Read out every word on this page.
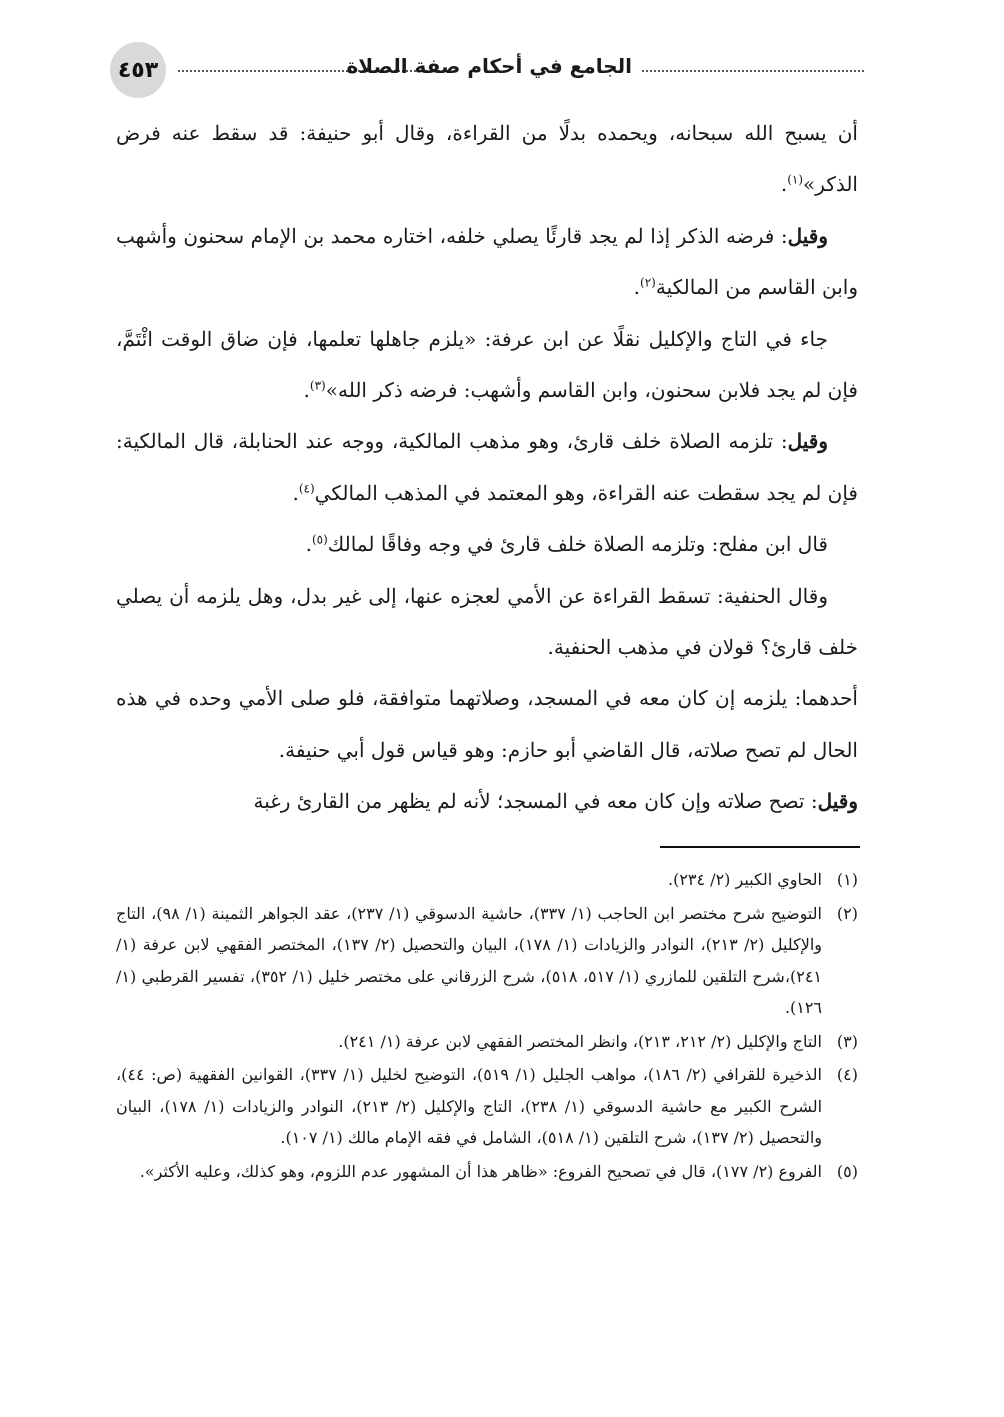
٤٥٣	الجامع في أحكام صفة الصلاة

أن يسبح الله سبحانه، ويحمده بدلًا من القراءة، وقال أبو حنيفة: قد سقط عنه فرض الذكر»$^{(١)}$.

وقيل: فرضه الذكر إذا لم يجد قارئًا يصلي خلفه، اختاره محمد بن الإمام سحنون وأشهب وابن القاسم من المالكية$^{(٢)}$.

جاء في التاج والإكليل نقلًا عن ابن عرفة: «يلزم جاهلها تعلمها، فإن ضاق الوقت ائْتَمَّ، فإن لم يجد فلابن سحنون، وابن القاسم وأشهب: فرضه ذكر الله»$^{(٣)}$.

وقيل: تلزمه الصلاة خلف قارئ، وهو مذهب المالكية، ووجه عند الحنابلة، قال المالكية: فإن لم يجد سقطت عنه القراءة، وهو المعتمد في المذهب المالكي$^{(٤)}$.

قال ابن مفلح: وتلزمه الصلاة خلف قارئ في وجه وفاقًا لمالك$^{(٥)}$.

وقال الحنفية: تسقط القراءة عن الأمي لعجزه عنها، إلى غير بدل، وهل يلزمه أن يصلي خلف قارئ؟ قولان في مذهب الحنفية.

أحدهما: يلزمه إن كان معه في المسجد، وصلاتهما متوافقة، فلو صلى الأمي وحده في هذه الحال لم تصح صلاته، قال القاضي أبو حازم: وهو قياس قول أبي حنيفة.

وقيل: تصح صلاته وإن كان معه في المسجد؛ لأنه لم يظهر من القارئ رغبة

(١)
الحاوي الكبير (٢/ ٢٣٤).
(٢)
التوضيح شرح مختصر ابن الحاجب (١/ ٣٣٧)، حاشية الدسوقي (١/ ٢٣٧)، عقد الجواهر الثمينة (١/ ٩٨)، التاج والإكليل (٢/ ٢١٣)، النوادر والزيادات (١/ ١٧٨)، البيان والتحصيل (٢/ ١٣٧)، المختصر الفقهي لابن عرفة (١/ ٢٤١)،شرح التلقين للمازري (١/ ٥١٧، ٥١٨)، شرح الزرقاني على مختصر خليل (١/ ٣٥٢)، تفسير القرطبي (١/ ١٢٦).
(٣)
التاج والإكليل (٢/ ٢١٢، ٢١٣)، وانظر المختصر الفقهي لابن عرفة (١/ ٢٤١).
(٤)
الذخيرة للقرافي (٢/ ١٨٦)، مواهب الجليل (١/ ٥١٩)، التوضيح لخليل (١/ ٣٣٧)، القوانين الفقهية (ص: ٤٤)، الشرح الكبير مع حاشية الدسوقي (١/ ٢٣٨)، التاج والإكليل (٢/ ٢١٣)، النوادر والزيادات (١/ ١٧٨)، البيان والتحصيل (٢/ ١٣٧)، شرح التلقين (١/ ٥١٨)، الشامل في فقه الإمام مالك (١/ ١٠٧).
(٥)
الفروع (٢/ ١٧٧)، قال في تصحيح الفروع: «ظاهر هذا أن المشهور عدم اللزوم، وهو كذلك، وعليه الأكثر».
